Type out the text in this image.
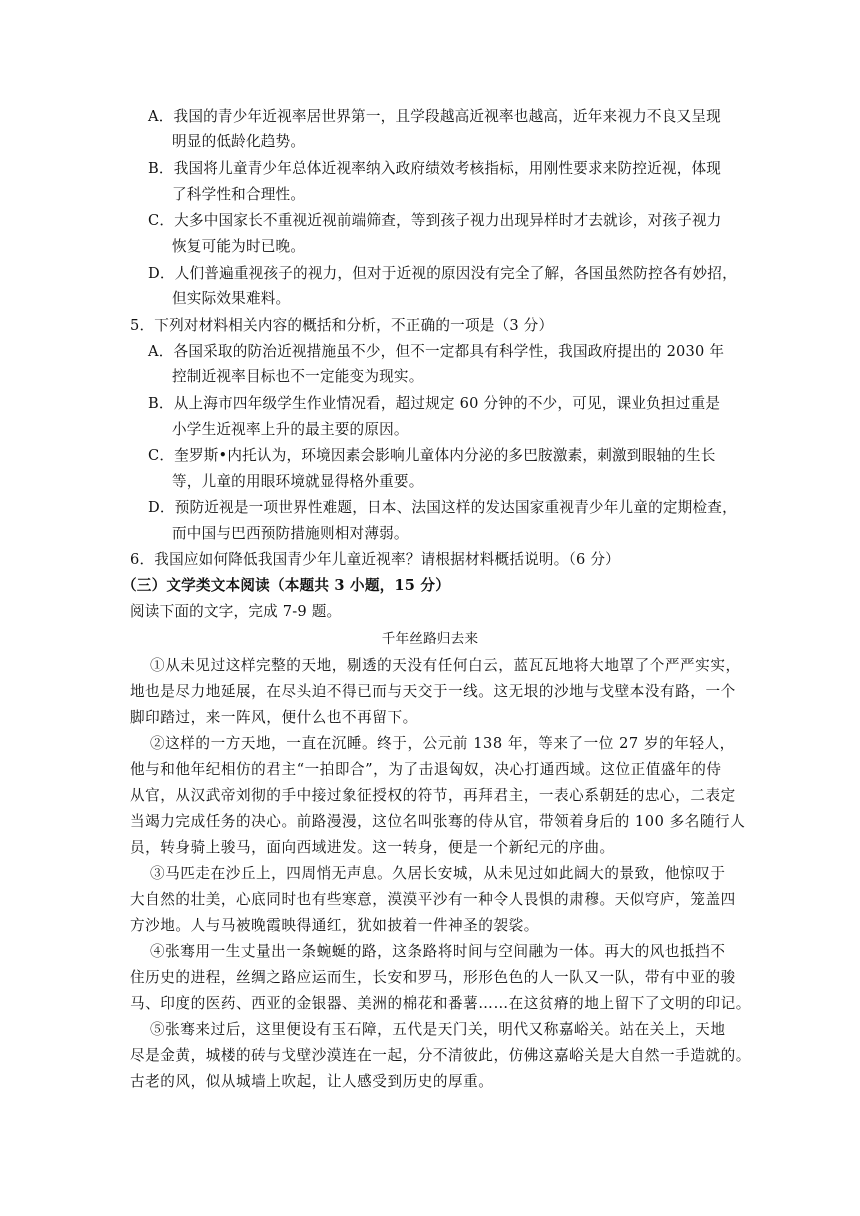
A．我国的青少年近视率居世界第一，且学段越高近视率也越高，近年来视力不良又呈现
明显的低龄化趋势。
B．我国将儿童青少年总体近视率纳入政府绩效考核指标，用刚性要求来防控近视，体现
了科学性和合理性。
C．大多中国家长不重视近视前端筛查，等到孩子视力出现异样时才去就诊，对孩子视力
恢复可能为时已晚。
D．人们普遍重视孩子的视力，但对于近视的原因没有完全了解，各国虽然防控各有妙招，
但实际效果难料。
5．下列对材料相关内容的概括和分析，不正确的一项是（3 分）
A．各国采取的防治近视措施虽不少，但不一定都具有科学性，我国政府提出的 2030 年
控制近视率目标也不一定能变为现实。
B．从上海市四年级学生作业情况看，超过规定 60 分钟的不少，可见，课业负担过重是
小学生近视率上升的最主要的原因。
C．奎罗斯•内托认为，环境因素会影响儿童体内分泌的多巴胺激素，刺激到眼轴的生长
等，儿童的用眼环境就显得格外重要。
D．预防近视是一项世界性难题，日本、法国这样的发达国家重视青少年儿童的定期检查，
而中国与巴西预防措施则相对薄弱。
6．我国应如何降低我国青少年儿童近视率？请根据材料概括说明。（6 分）
（三）文学类文本阅读（本题共 3 小题，15 分）
阅读下面的文字，完成 7-9 题。
千年丝路归去来
①从未见过这样完整的天地，剔透的天没有任何白云，蓝瓦瓦地将大地罩了个严严实实，
地也是尽力地延展，在尽头迫不得已而与天交于一线。这无垠的沙地与戈壁本没有路，一个
脚印踏过，来一阵风，便什么也不再留下。
②这样的一方天地，一直在沉睡。终于，公元前 138 年，等来了一位 27 岁的年轻人，
他与和他年纪相仿的君主“一拍即合”，为了击退匈奴，决心打通西域。这位正值盛年的侍
从官，从汉武帝刘彻的手中接过象征授权的符节，再拜君主，一表心系朝廷的忠心，二表定
当竭力完成任务的决心。前路漫漫，这位名叫张骞的侍从官，带领着身后的 100 多名随行人
员，转身骑上骏马，面向西域进发。这一转身，便是一个新纪元的序曲。
③马匹走在沙丘上，四周悄无声息。久居长安城，从未见过如此阔大的景致，他惊叹于
大自然的壮美，心底同时也有些寒意，漠漠平沙有一种令人畏惧的肃穆。天似穹庐，笼盖四
方沙地。人与马被晚霞映得通红，犹如披着一件神圣的袈裟。
④张骞用一生丈量出一条蜿蜒的路，这条路将时间与空间融为一体。再大的风也抵挡不
住历史的进程，丝绸之路应运而生，长安和罗马，形形色色的人一队又一队，带有中亚的骏
马、印度的医药、西亚的金银器、美洲的棉花和番薯……在这贫瘠的地上留下了文明的印记。
⑤张骞来过后，这里便设有玉石障，五代是天门关，明代又称嘉峪关。站在关上，天地
尽是金黄，城楼的砖与戈壁沙漠连在一起，分不清彼此，仿佛这嘉峪关是大自然一手造就的。
古老的风，似从城墙上吹起，让人感受到历史的厚重。
